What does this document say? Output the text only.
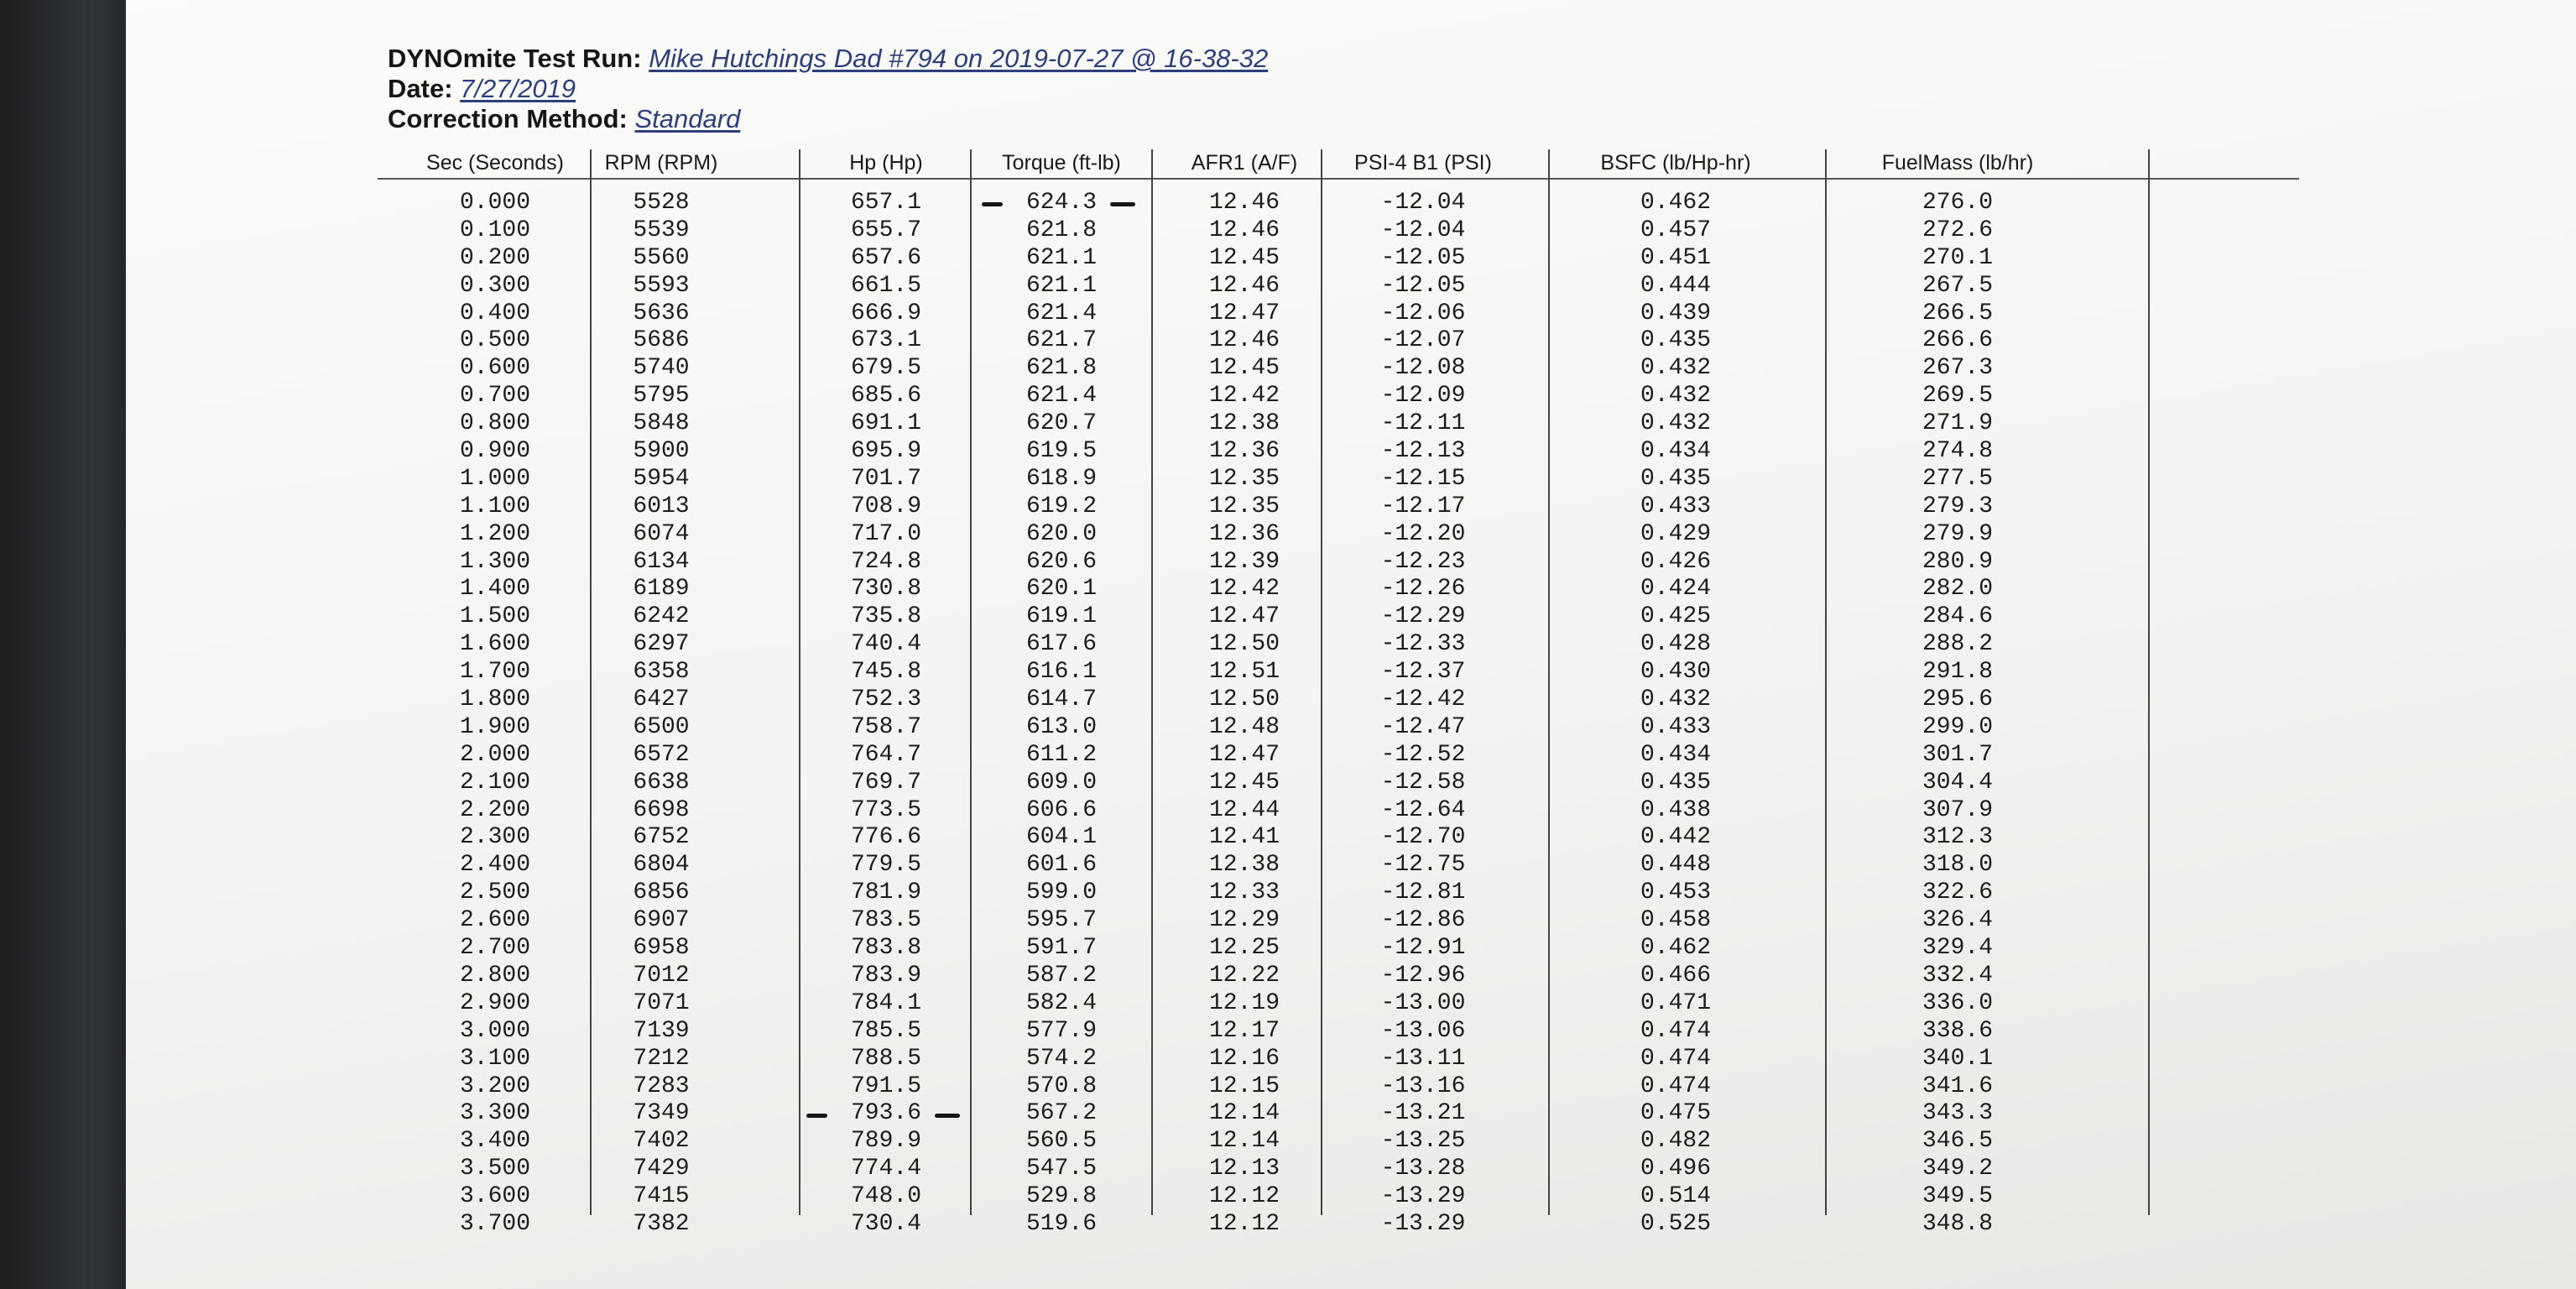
DYNOmite Test Run: Mike Hutchings Dad #794 on 2019-07-27 @ 16-38-32
Date: 7/27/2019
Correction Method: Standard
Sec (Seconds)	RPM (RPM)	Hp (Hp)	Torque (ft-lb)	AFR1 (A/F)	PSI-4 B1 (PSI)	BSFC (lb/Hp-hr)	FuelMass (lb/hr)
0.000	5528	657.1	624.3	12.46	-12.04	0.462	276.0
0.100	5539	655.7	621.8	12.46	-12.04	0.457	272.6
0.200	5560	657.6	621.1	12.45	-12.05	0.451	270.1
0.300	5593	661.5	621.1	12.46	-12.05	0.444	267.5
0.400	5636	666.9	621.4	12.47	-12.06	0.439	266.5
0.500	5686	673.1	621.7	12.46	-12.07	0.435	266.6
0.600	5740	679.5	621.8	12.45	-12.08	0.432	267.3
0.700	5795	685.6	621.4	12.42	-12.09	0.432	269.5
0.800	5848	691.1	620.7	12.38	-12.11	0.432	271.9
0.900	5900	695.9	619.5	12.36	-12.13	0.434	274.8
1.000	5954	701.7	618.9	12.35	-12.15	0.435	277.5
1.100	6013	708.9	619.2	12.35	-12.17	0.433	279.3
1.200	6074	717.0	620.0	12.36	-12.20	0.429	279.9
1.300	6134	724.8	620.6	12.39	-12.23	0.426	280.9
1.400	6189	730.8	620.1	12.42	-12.26	0.424	282.0
1.500	6242	735.8	619.1	12.47	-12.29	0.425	284.6
1.600	6297	740.4	617.6	12.50	-12.33	0.428	288.2
1.700	6358	745.8	616.1	12.51	-12.37	0.430	291.8
1.800	6427	752.3	614.7	12.50	-12.42	0.432	295.6
1.900	6500	758.7	613.0	12.48	-12.47	0.433	299.0
2.000	6572	764.7	611.2	12.47	-12.52	0.434	301.7
2.100	6638	769.7	609.0	12.45	-12.58	0.435	304.4
2.200	6698	773.5	606.6	12.44	-12.64	0.438	307.9
2.300	6752	776.6	604.1	12.41	-12.70	0.442	312.3
2.400	6804	779.5	601.6	12.38	-12.75	0.448	318.0
2.500	6856	781.9	599.0	12.33	-12.81	0.453	322.6
2.600	6907	783.5	595.7	12.29	-12.86	0.458	326.4
2.700	6958	783.8	591.7	12.25	-12.91	0.462	329.4
2.800	7012	783.9	587.2	12.22	-12.96	0.466	332.4
2.900	7071	784.1	582.4	12.19	-13.00	0.471	336.0
3.000	7139	785.5	577.9	12.17	-13.06	0.474	338.6
3.100	7212	788.5	574.2	12.16	-13.11	0.474	340.1
3.200	7283	791.5	570.8	12.15	-13.16	0.474	341.6
3.300	7349	793.6	567.2	12.14	-13.21	0.475	343.3
3.400	7402	789.9	560.5	12.14	-13.25	0.482	346.5
3.500	7429	774.4	547.5	12.13	-13.28	0.496	349.2
3.600	7415	748.0	529.8	12.12	-13.29	0.514	349.5
3.700	7382	730.4	519.6	12.12	-13.29	0.525	348.8
